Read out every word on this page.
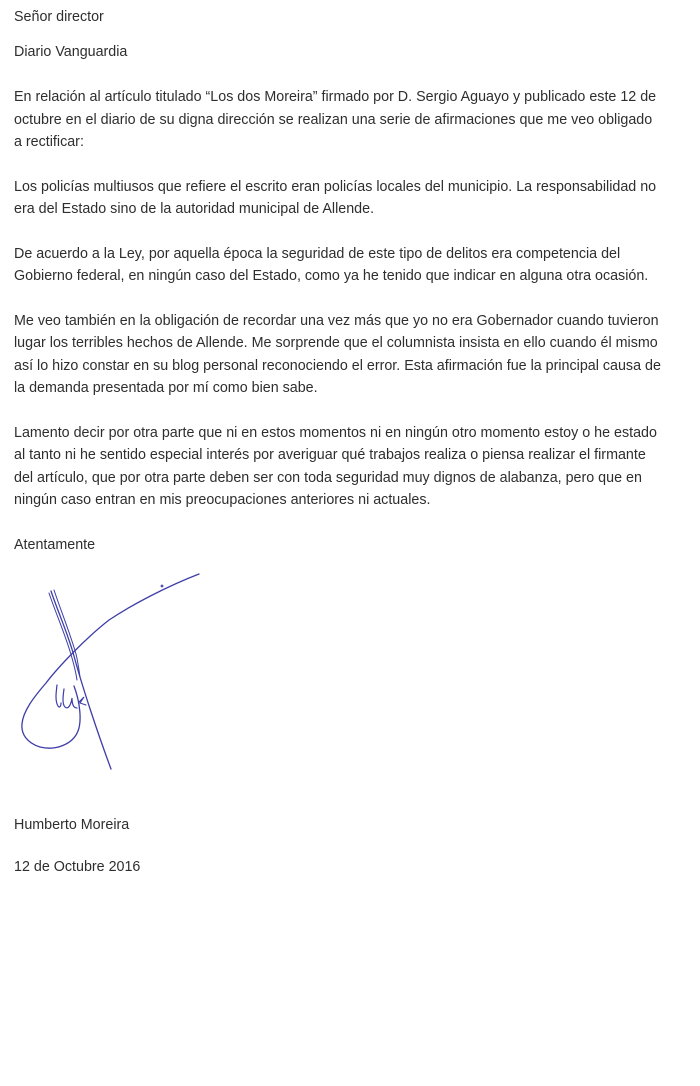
Señor director

Diario Vanguardia

En relación al artículo titulado “Los dos Moreira” firmado por D. Sergio Aguayo y publicado este 12 de octubre en el diario de su digna dirección se realizan una serie de afirmaciones que me veo obligado a rectificar:

Los policías multiusos que refiere el escrito eran policías locales del municipio. La responsabilidad no era del Estado sino de la autoridad municipal de Allende.

De acuerdo a la Ley, por aquella época la seguridad de este tipo de delitos era competencia del Gobierno federal, en ningún caso del Estado, como ya he tenido que indicar en alguna otra ocasión.

Me veo también en la obligación de recordar una vez más que yo no era Gobernador cuando tuvieron lugar los terribles hechos de Allende. Me sorprende que el columnista insista en ello cuando él mismo así lo hizo constar en su blog personal reconociendo el error. Esta afirmación fue la principal causa de la demanda presentada por mí como bien sabe.

Lamento decir por otra parte que ni en estos momentos ni en ningún otro momento estoy o he estado al tanto ni he sentido especial interés por averiguar qué trabajos realiza o piensa realizar el firmante del artículo, que por otra parte deben ser con toda seguridad muy dignos de alabanza, pero que en ningún caso entran en mis preocupaciones anteriores ni actuales.

Atentamente

Humberto Moreira

12 de Octubre 2016
